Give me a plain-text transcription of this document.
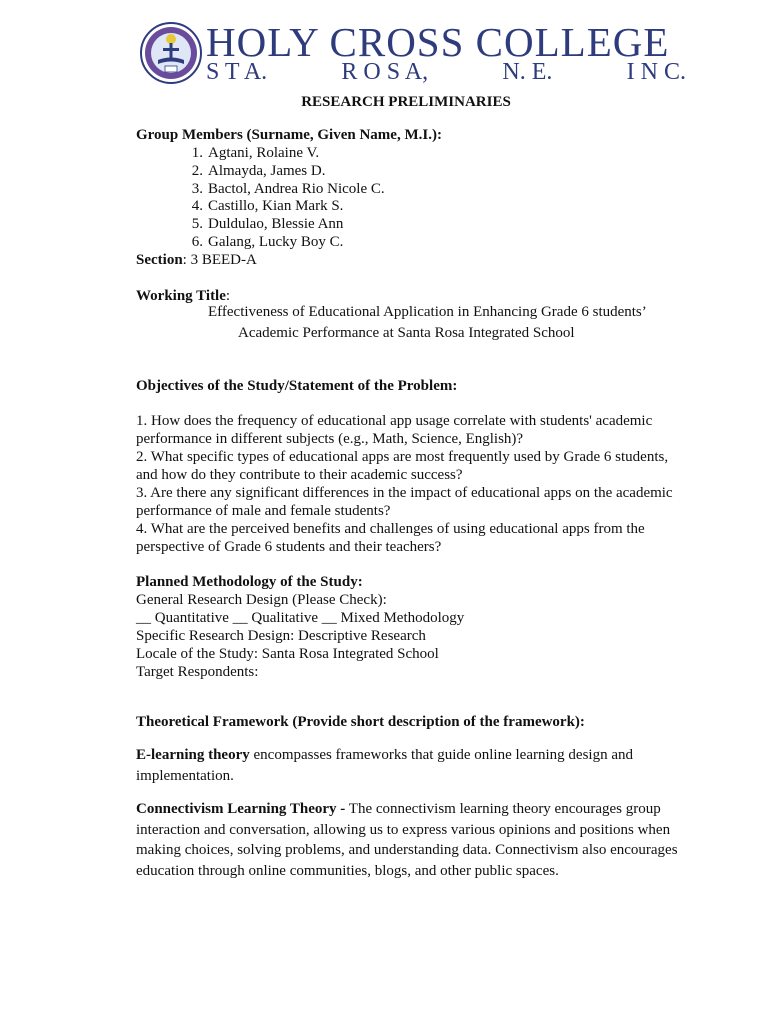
HOLY CROSS COLLEGE
S T A.	R O S A,	N. E.	I N C.
RESEARCH PRELIMINARIES
Group Members (Surname, Given Name, M.I.):
1. Agtani, Rolaine V.
2. Almayda, James D.
3. Bactol, Andrea Rio Nicole C.
4. Castillo, Kian Mark S.
5. Duldulao, Blessie Ann
6. Galang, Lucky Boy C.
Section: 3 BEED-A
Working Title:
Effectiveness of Educational Application in Enhancing Grade 6 students’
Academic Performance at Santa Rosa Integrated School
Objectives of the Study/Statement of the Problem:

1. How does the frequency of educational app usage correlate with students' academic performance in different subjects (e.g., Math, Science, English)?

2. What specific types of educational apps are most frequently used by Grade 6 students, and how do they contribute to their academic success?

3. Are there any significant differences in the impact of educational apps on the academic performance of male and female students?

4. What are the perceived benefits and challenges of using educational apps from the perspective of Grade 6 students and their teachers?

Planned Methodology of the Study:
General Research Design (Please Check):
__ Quantitative __ Qualitative __ Mixed Methodology
Specific Research Design: Descriptive Research
Locale of the Study: Santa Rosa Integrated School
Target Respondents:
Theoretical Framework (Provide short description of the framework):
E-learning theory encompasses frameworks that guide online learning design and implementation.
Connectivism Learning Theory - The connectivism learning theory encourages group interaction and conversation, allowing us to express various opinions and positions when making choices, solving problems, and understanding data. Connectivism also encourages education through online communities, blogs, and other public spaces.
